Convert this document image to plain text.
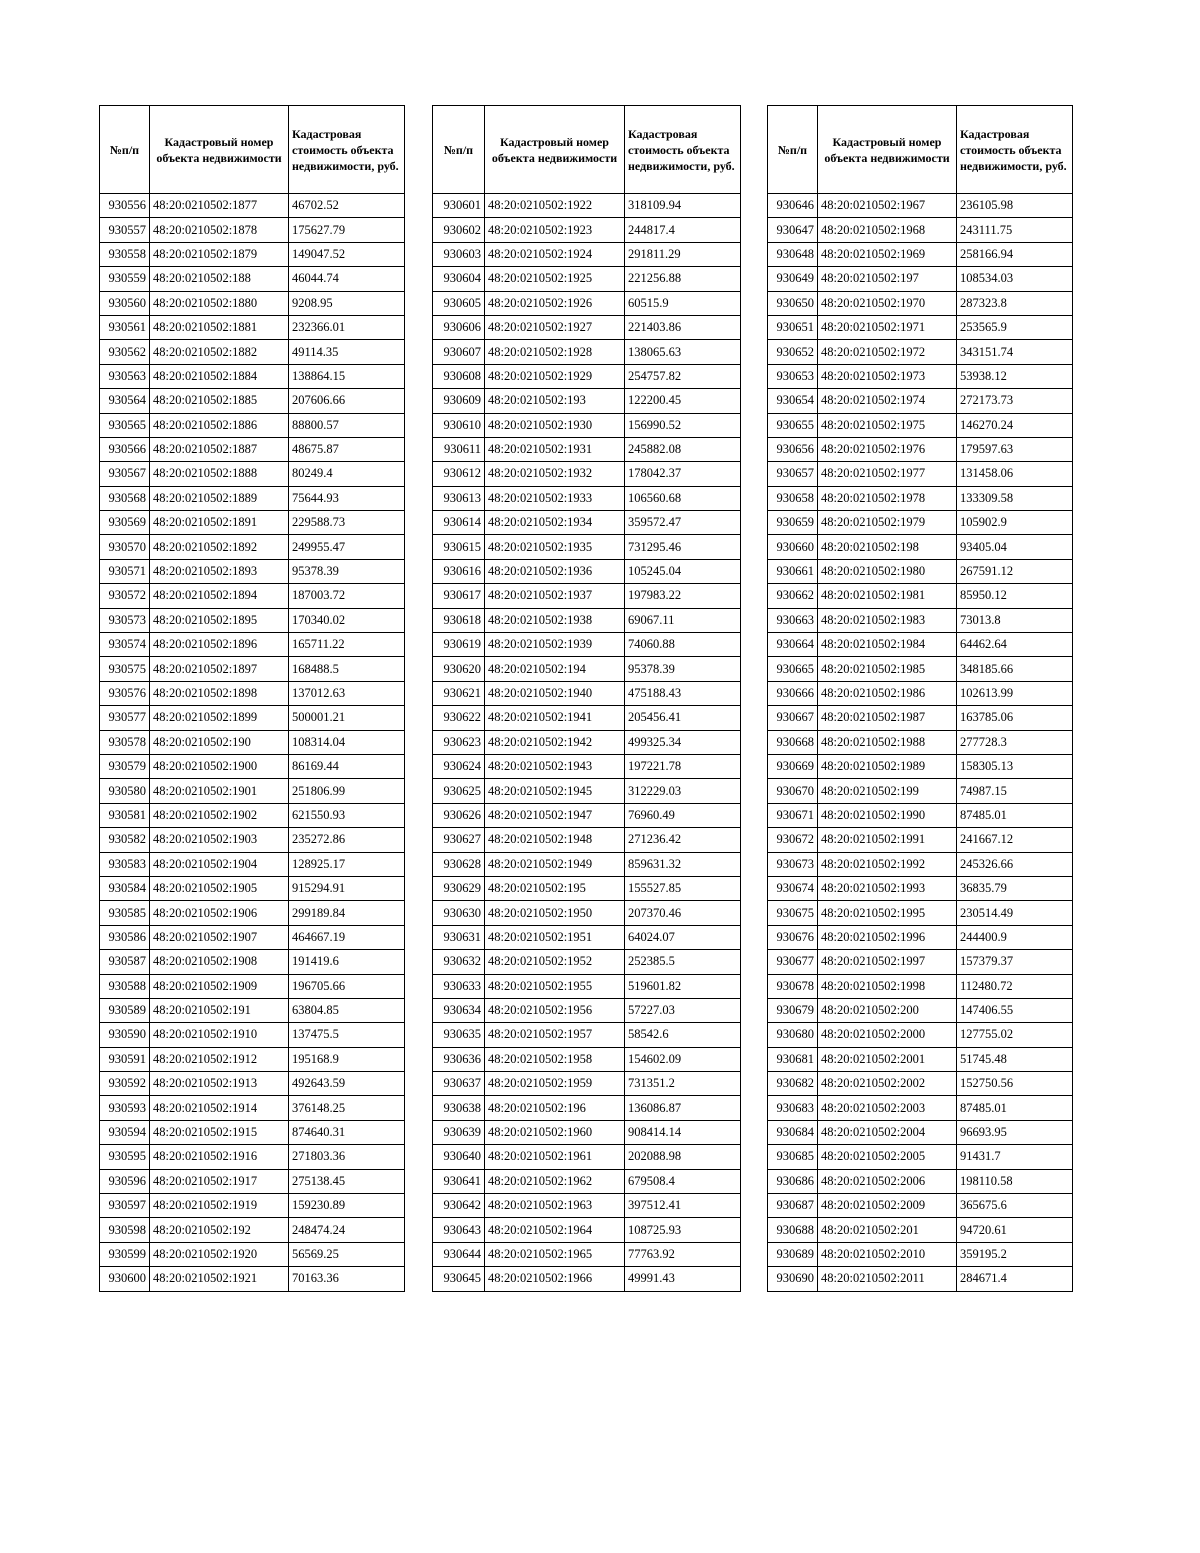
№п/п	Кадастровый номер объекта недвижимости	Кадастровая стоимость объекта недвижимости, руб.
930556	48:20:0210502:1877	46702.52
930557	48:20:0210502:1878	175627.79
930558	48:20:0210502:1879	149047.52
930559	48:20:0210502:188	46044.74
930560	48:20:0210502:1880	9208.95
930561	48:20:0210502:1881	232366.01
930562	48:20:0210502:1882	49114.35
930563	48:20:0210502:1884	138864.15
930564	48:20:0210502:1885	207606.66
930565	48:20:0210502:1886	88800.57
930566	48:20:0210502:1887	48675.87
930567	48:20:0210502:1888	80249.4
930568	48:20:0210502:1889	75644.93
930569	48:20:0210502:1891	229588.73
930570	48:20:0210502:1892	249955.47
930571	48:20:0210502:1893	95378.39
930572	48:20:0210502:1894	187003.72
930573	48:20:0210502:1895	170340.02
930574	48:20:0210502:1896	165711.22
930575	48:20:0210502:1897	168488.5
930576	48:20:0210502:1898	137012.63
930577	48:20:0210502:1899	500001.21
930578	48:20:0210502:190	108314.04
930579	48:20:0210502:1900	86169.44
930580	48:20:0210502:1901	251806.99
930581	48:20:0210502:1902	621550.93
930582	48:20:0210502:1903	235272.86
930583	48:20:0210502:1904	128925.17
930584	48:20:0210502:1905	915294.91
930585	48:20:0210502:1906	299189.84
930586	48:20:0210502:1907	464667.19
930587	48:20:0210502:1908	191419.6
930588	48:20:0210502:1909	196705.66
930589	48:20:0210502:191	63804.85
930590	48:20:0210502:1910	137475.5
930591	48:20:0210502:1912	195168.9
930592	48:20:0210502:1913	492643.59
930593	48:20:0210502:1914	376148.25
930594	48:20:0210502:1915	874640.31
930595	48:20:0210502:1916	271803.36
930596	48:20:0210502:1917	275138.45
930597	48:20:0210502:1919	159230.89
930598	48:20:0210502:192	248474.24
930599	48:20:0210502:1920	56569.25
930600	48:20:0210502:1921	70163.36
№п/п	Кадастровый номер объекта недвижимости	Кадастровая стоимость объекта недвижимости, руб.
930601	48:20:0210502:1922	318109.94
930602	48:20:0210502:1923	244817.4
930603	48:20:0210502:1924	291811.29
930604	48:20:0210502:1925	221256.88
930605	48:20:0210502:1926	60515.9
930606	48:20:0210502:1927	221403.86
930607	48:20:0210502:1928	138065.63
930608	48:20:0210502:1929	254757.82
930609	48:20:0210502:193	122200.45
930610	48:20:0210502:1930	156990.52
930611	48:20:0210502:1931	245882.08
930612	48:20:0210502:1932	178042.37
930613	48:20:0210502:1933	106560.68
930614	48:20:0210502:1934	359572.47
930615	48:20:0210502:1935	731295.46
930616	48:20:0210502:1936	105245.04
930617	48:20:0210502:1937	197983.22
930618	48:20:0210502:1938	69067.11
930619	48:20:0210502:1939	74060.88
930620	48:20:0210502:194	95378.39
930621	48:20:0210502:1940	475188.43
930622	48:20:0210502:1941	205456.41
930623	48:20:0210502:1942	499325.34
930624	48:20:0210502:1943	197221.78
930625	48:20:0210502:1945	312229.03
930626	48:20:0210502:1947	76960.49
930627	48:20:0210502:1948	271236.42
930628	48:20:0210502:1949	859631.32
930629	48:20:0210502:195	155527.85
930630	48:20:0210502:1950	207370.46
930631	48:20:0210502:1951	64024.07
930632	48:20:0210502:1952	252385.5
930633	48:20:0210502:1955	519601.82
930634	48:20:0210502:1956	57227.03
930635	48:20:0210502:1957	58542.6
930636	48:20:0210502:1958	154602.09
930637	48:20:0210502:1959	731351.2
930638	48:20:0210502:196	136086.87
930639	48:20:0210502:1960	908414.14
930640	48:20:0210502:1961	202088.98
930641	48:20:0210502:1962	679508.4
930642	48:20:0210502:1963	397512.41
930643	48:20:0210502:1964	108725.93
930644	48:20:0210502:1965	77763.92
930645	48:20:0210502:1966	49991.43
№п/п	Кадастровый номер объекта недвижимости	Кадастровая стоимость объекта недвижимости, руб.
930646	48:20:0210502:1967	236105.98
930647	48:20:0210502:1968	243111.75
930648	48:20:0210502:1969	258166.94
930649	48:20:0210502:197	108534.03
930650	48:20:0210502:1970	287323.8
930651	48:20:0210502:1971	253565.9
930652	48:20:0210502:1972	343151.74
930653	48:20:0210502:1973	53938.12
930654	48:20:0210502:1974	272173.73
930655	48:20:0210502:1975	146270.24
930656	48:20:0210502:1976	179597.63
930657	48:20:0210502:1977	131458.06
930658	48:20:0210502:1978	133309.58
930659	48:20:0210502:1979	105902.9
930660	48:20:0210502:198	93405.04
930661	48:20:0210502:1980	267591.12
930662	48:20:0210502:1981	85950.12
930663	48:20:0210502:1983	73013.8
930664	48:20:0210502:1984	64462.64
930665	48:20:0210502:1985	348185.66
930666	48:20:0210502:1986	102613.99
930667	48:20:0210502:1987	163785.06
930668	48:20:0210502:1988	277728.3
930669	48:20:0210502:1989	158305.13
930670	48:20:0210502:199	74987.15
930671	48:20:0210502:1990	87485.01
930672	48:20:0210502:1991	241667.12
930673	48:20:0210502:1992	245326.66
930674	48:20:0210502:1993	36835.79
930675	48:20:0210502:1995	230514.49
930676	48:20:0210502:1996	244400.9
930677	48:20:0210502:1997	157379.37
930678	48:20:0210502:1998	112480.72
930679	48:20:0210502:200	147406.55
930680	48:20:0210502:2000	127755.02
930681	48:20:0210502:2001	51745.48
930682	48:20:0210502:2002	152750.56
930683	48:20:0210502:2003	87485.01
930684	48:20:0210502:2004	96693.95
930685	48:20:0210502:2005	91431.7
930686	48:20:0210502:2006	198110.58
930687	48:20:0210502:2009	365675.6
930688	48:20:0210502:201	94720.61
930689	48:20:0210502:2010	359195.2
930690	48:20:0210502:2011	284671.4
